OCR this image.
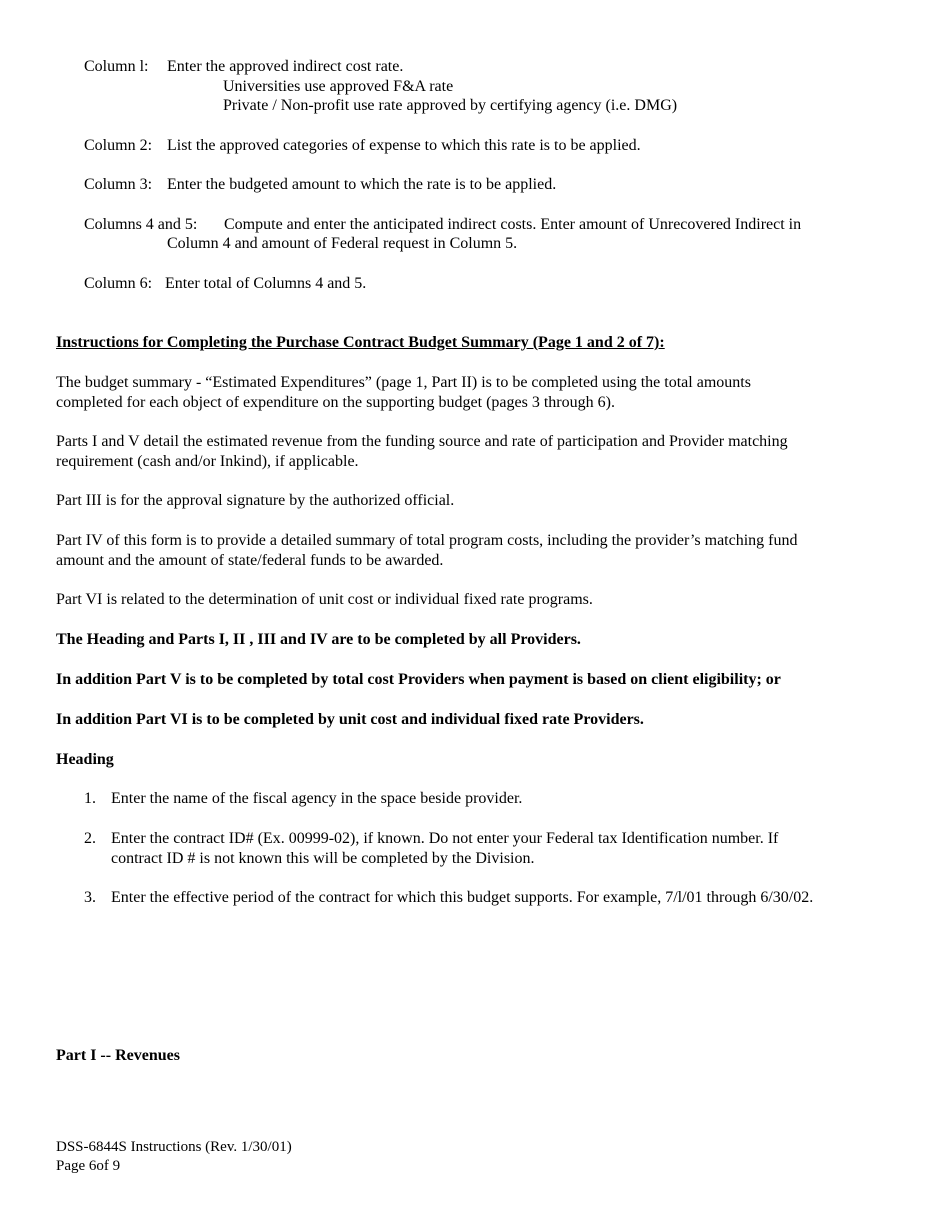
Column l: Enter the approved indirect cost rate.

Universities use approved F&A rate

Private / Non-profit use rate approved by certifying agency (i.e. DMG)

Column 2: List the approved categories of expense to which this rate is to be applied.

Column 3: Enter the budgeted amount to which the rate is to be applied.

Columns 4 and 5: Compute and enter the anticipated indirect costs. Enter amount of Unrecovered Indirect in

Column 4 and amount of Federal request in Column 5.

Column 6: Enter total of Columns 4 and 5.

Instructions for Completing the Purchase Contract Budget Summary (Page 1 and 2 of 7):

The budget summary - “Estimated Expenditures” (page 1, Part II) is to be completed using the total amounts

completed for each object of expenditure on the supporting budget (pages 3 through 6).

Parts I and V detail the estimated revenue from the funding source and rate of participation and Provider matching

requirement (cash and/or Inkind), if applicable.

Part III is for the approval signature by the authorized official.

Part IV of this form is to provide a detailed summary of total program costs, including the provider’s matching fund

amount and the amount of state/federal funds to be awarded.

Part VI is related to the determination of unit cost or individual fixed rate programs.

The Heading and Parts I, II , III and IV are to be completed by all Providers.

In addition Part V is to be completed by total cost Providers when payment is based on client eligibility; or

In addition Part VI is to be completed by unit cost and individual fixed rate Providers.

Heading

1. Enter the name of the fiscal agency in the space beside provider.

2. Enter the contract ID# (Ex. 00999-02), if known. Do not enter your Federal tax Identification number. If

contract ID # is not known this will be completed by the Division.

3. Enter the effective period of the contract for which this budget supports. For example, 7/l/01 through 6/30/02.

Part I -- Revenues

DSS-6844S Instructions (Rev. 1/30/01)

Page 6of 9
